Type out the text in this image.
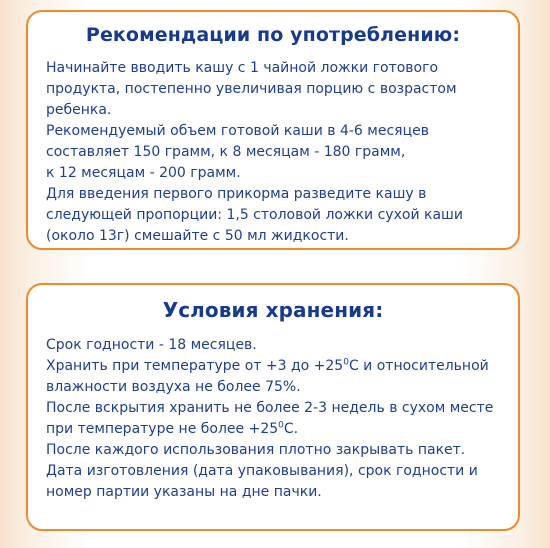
Рекомендации по употреблению:
Начинайте вводить кашу с 1 чайной ложки готового
продукта, постепенно увеличивая порцию с возрастом
ребенка.
Рекомендуемый объем готовой каши в 4-6 месяцев
составляет 150 грамм, к 8 месяцам - 180 грамм,
к 12 месяцам - 200 грамм.
Для введения первого прикорма разведите кашу в
следующей пропорции: 1,5 столовой ложки сухой каши
(около 13г) смешайте с 50 мл жидкости.
Условия хранения:
Срок годности - 18 месяцев.
Хранить при температуре от +3 до $+25^0С$ и относительной
влажности воздуха не более 75%.
После вскрытия хранить не более 2-3 недель в сухом месте
при температуре не более $+25^0С$.
После каждого использования плотно закрывать пакет.
Дата изготовления (дата упаковывания), срок годности и
номер партии указаны на дне пачки.
